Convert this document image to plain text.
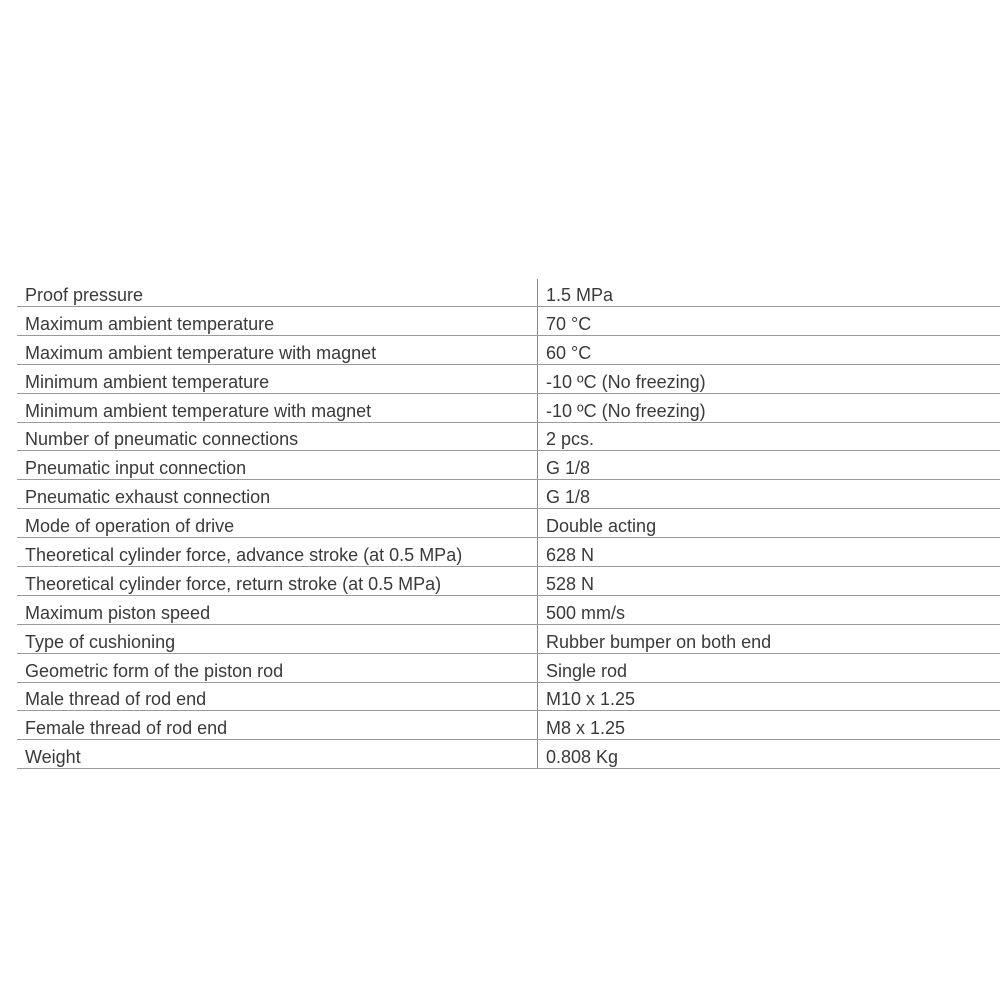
Proof pressure	1.5 MPa
Maximum ambient temperature	70 °C
Maximum ambient temperature with magnet	60 °C
Minimum ambient temperature	-10 ºC (No freezing)
Minimum ambient temperature with magnet	-10 ºC (No freezing)
Number of pneumatic connections	2 pcs.
Pneumatic input connection	G 1/8
Pneumatic exhaust connection	G 1/8
Mode of operation of drive	Double acting
Theoretical cylinder force, advance stroke (at 0.5 MPa)	628 N
Theoretical cylinder force, return stroke (at 0.5 MPa)	528 N
Maximum piston speed	500 mm/s
Type of cushioning	Rubber bumper on both end
Geometric form of the piston rod	Single rod
Male thread of rod end	M10 x 1.25
Female thread of rod end	M8 x 1.25
Weight	0.808 Kg
